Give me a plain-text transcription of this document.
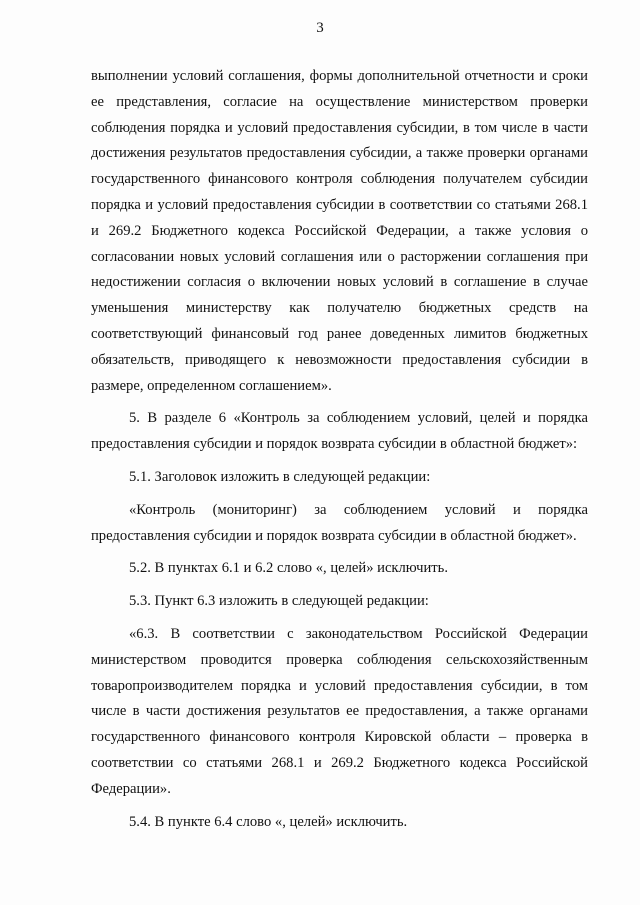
3

выполнении условий соглашения, формы дополнительной отчетности и сроки ее представления, согласие на осуществление министерством проверки соблюдения порядка и условий предоставления субсидии, в том числе в части достижения результатов предоставления субсидии, а также проверки органами государственного финансового контроля соблюдения получателем субсидии порядка и условий предоставления субсидии в соответствии со статьями 268.1 и 269.2 Бюджетного кодекса Российской Федерации, а также условия о согласовании новых условий соглашения или о расторжении соглашения при недостижении согласия о включении новых условий в соглашение в случае уменьшения министерству как получателю бюджетных средств на соответствующий финансовый год ранее доведенных лимитов бюджетных обязательств, приводящего к невозможности предоставления субсидии в размере, определенном соглашением».

5. В разделе 6 «Контроль за соблюдением условий, целей и порядка предоставления субсидии и порядок возврата субсидии в областной бюджет»:

5.1. Заголовок изложить в следующей редакции:

«Контроль (мониторинг) за соблюдением условий и порядка предоставления субсидии и порядок возврата субсидии в областной бюджет».

5.2. В пунктах 6.1 и 6.2 слово «, целей» исключить.

5.3. Пункт 6.3 изложить в следующей редакции:

«6.3. В соответствии с законодательством Российской Федерации министерством проводится проверка соблюдения сельскохозяйственным товаропроизводителем порядка и условий предоставления субсидии, в том числе в части достижения результатов ее предоставления, а также органами государственного финансового контроля Кировской области – проверка в соответствии со статьями 268.1 и 269.2 Бюджетного кодекса Российской Федерации».

5.4. В пункте 6.4 слово «, целей» исключить.
